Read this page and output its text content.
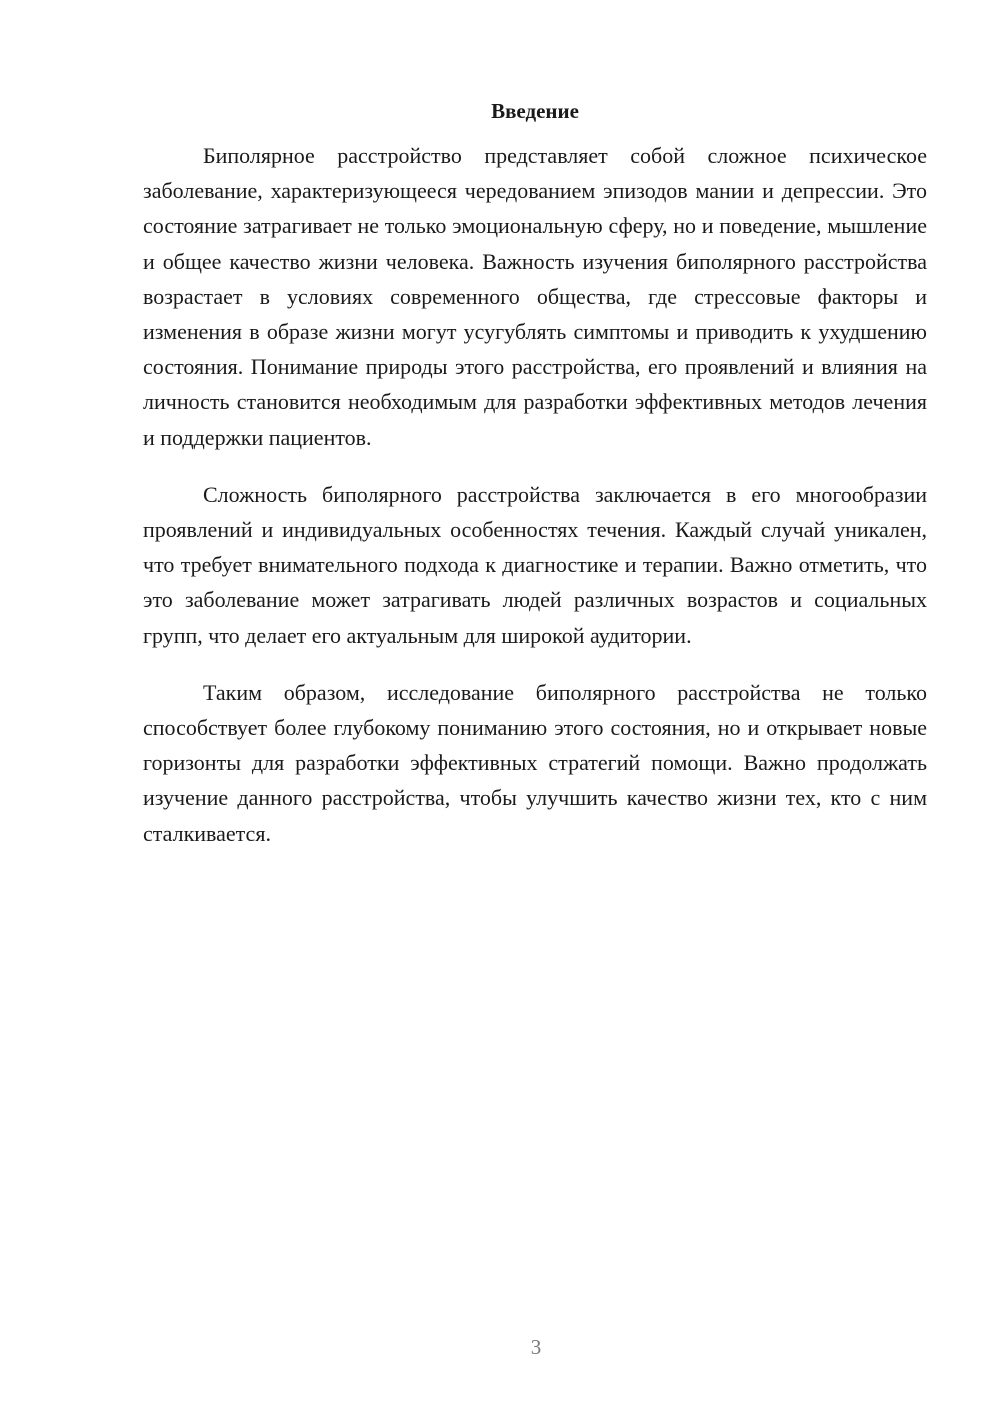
Введение

Биполярное расстройство представляет собой сложное психическое заболевание, характеризующееся чередованием эпизодов мании и депрессии. Это состояние затрагивает не только эмоциональную сферу, но и поведение, мышление и общее качество жизни человека. Важность изучения биполярного расстройства возрастает в условиях современного общества, где стрессовые факторы и изменения в образе жизни могут усугублять симптомы и приводить к ухудшению состояния. Понимание природы этого расстройства, его проявлений и влияния на личность становится необходимым для разработки эффективных методов лечения и поддержки пациентов.

Сложность биполярного расстройства заключается в его многообразии проявлений и индивидуальных особенностях течения. Каждый случай уникален, что требует внимательного подхода к диагностике и терапии. Важно отметить, что это заболевание может затрагивать людей различных возрастов и социальных групп, что делает его актуальным для широкой аудитории.

Таким образом, исследование биполярного расстройства не только способствует более глубокому пониманию этого состояния, но и открывает новые горизонты для разработки эффективных стратегий помощи. Важно продолжать изучение данного расстройства, чтобы улучшить качество жизни тех, кто с ним сталкивается.

3
